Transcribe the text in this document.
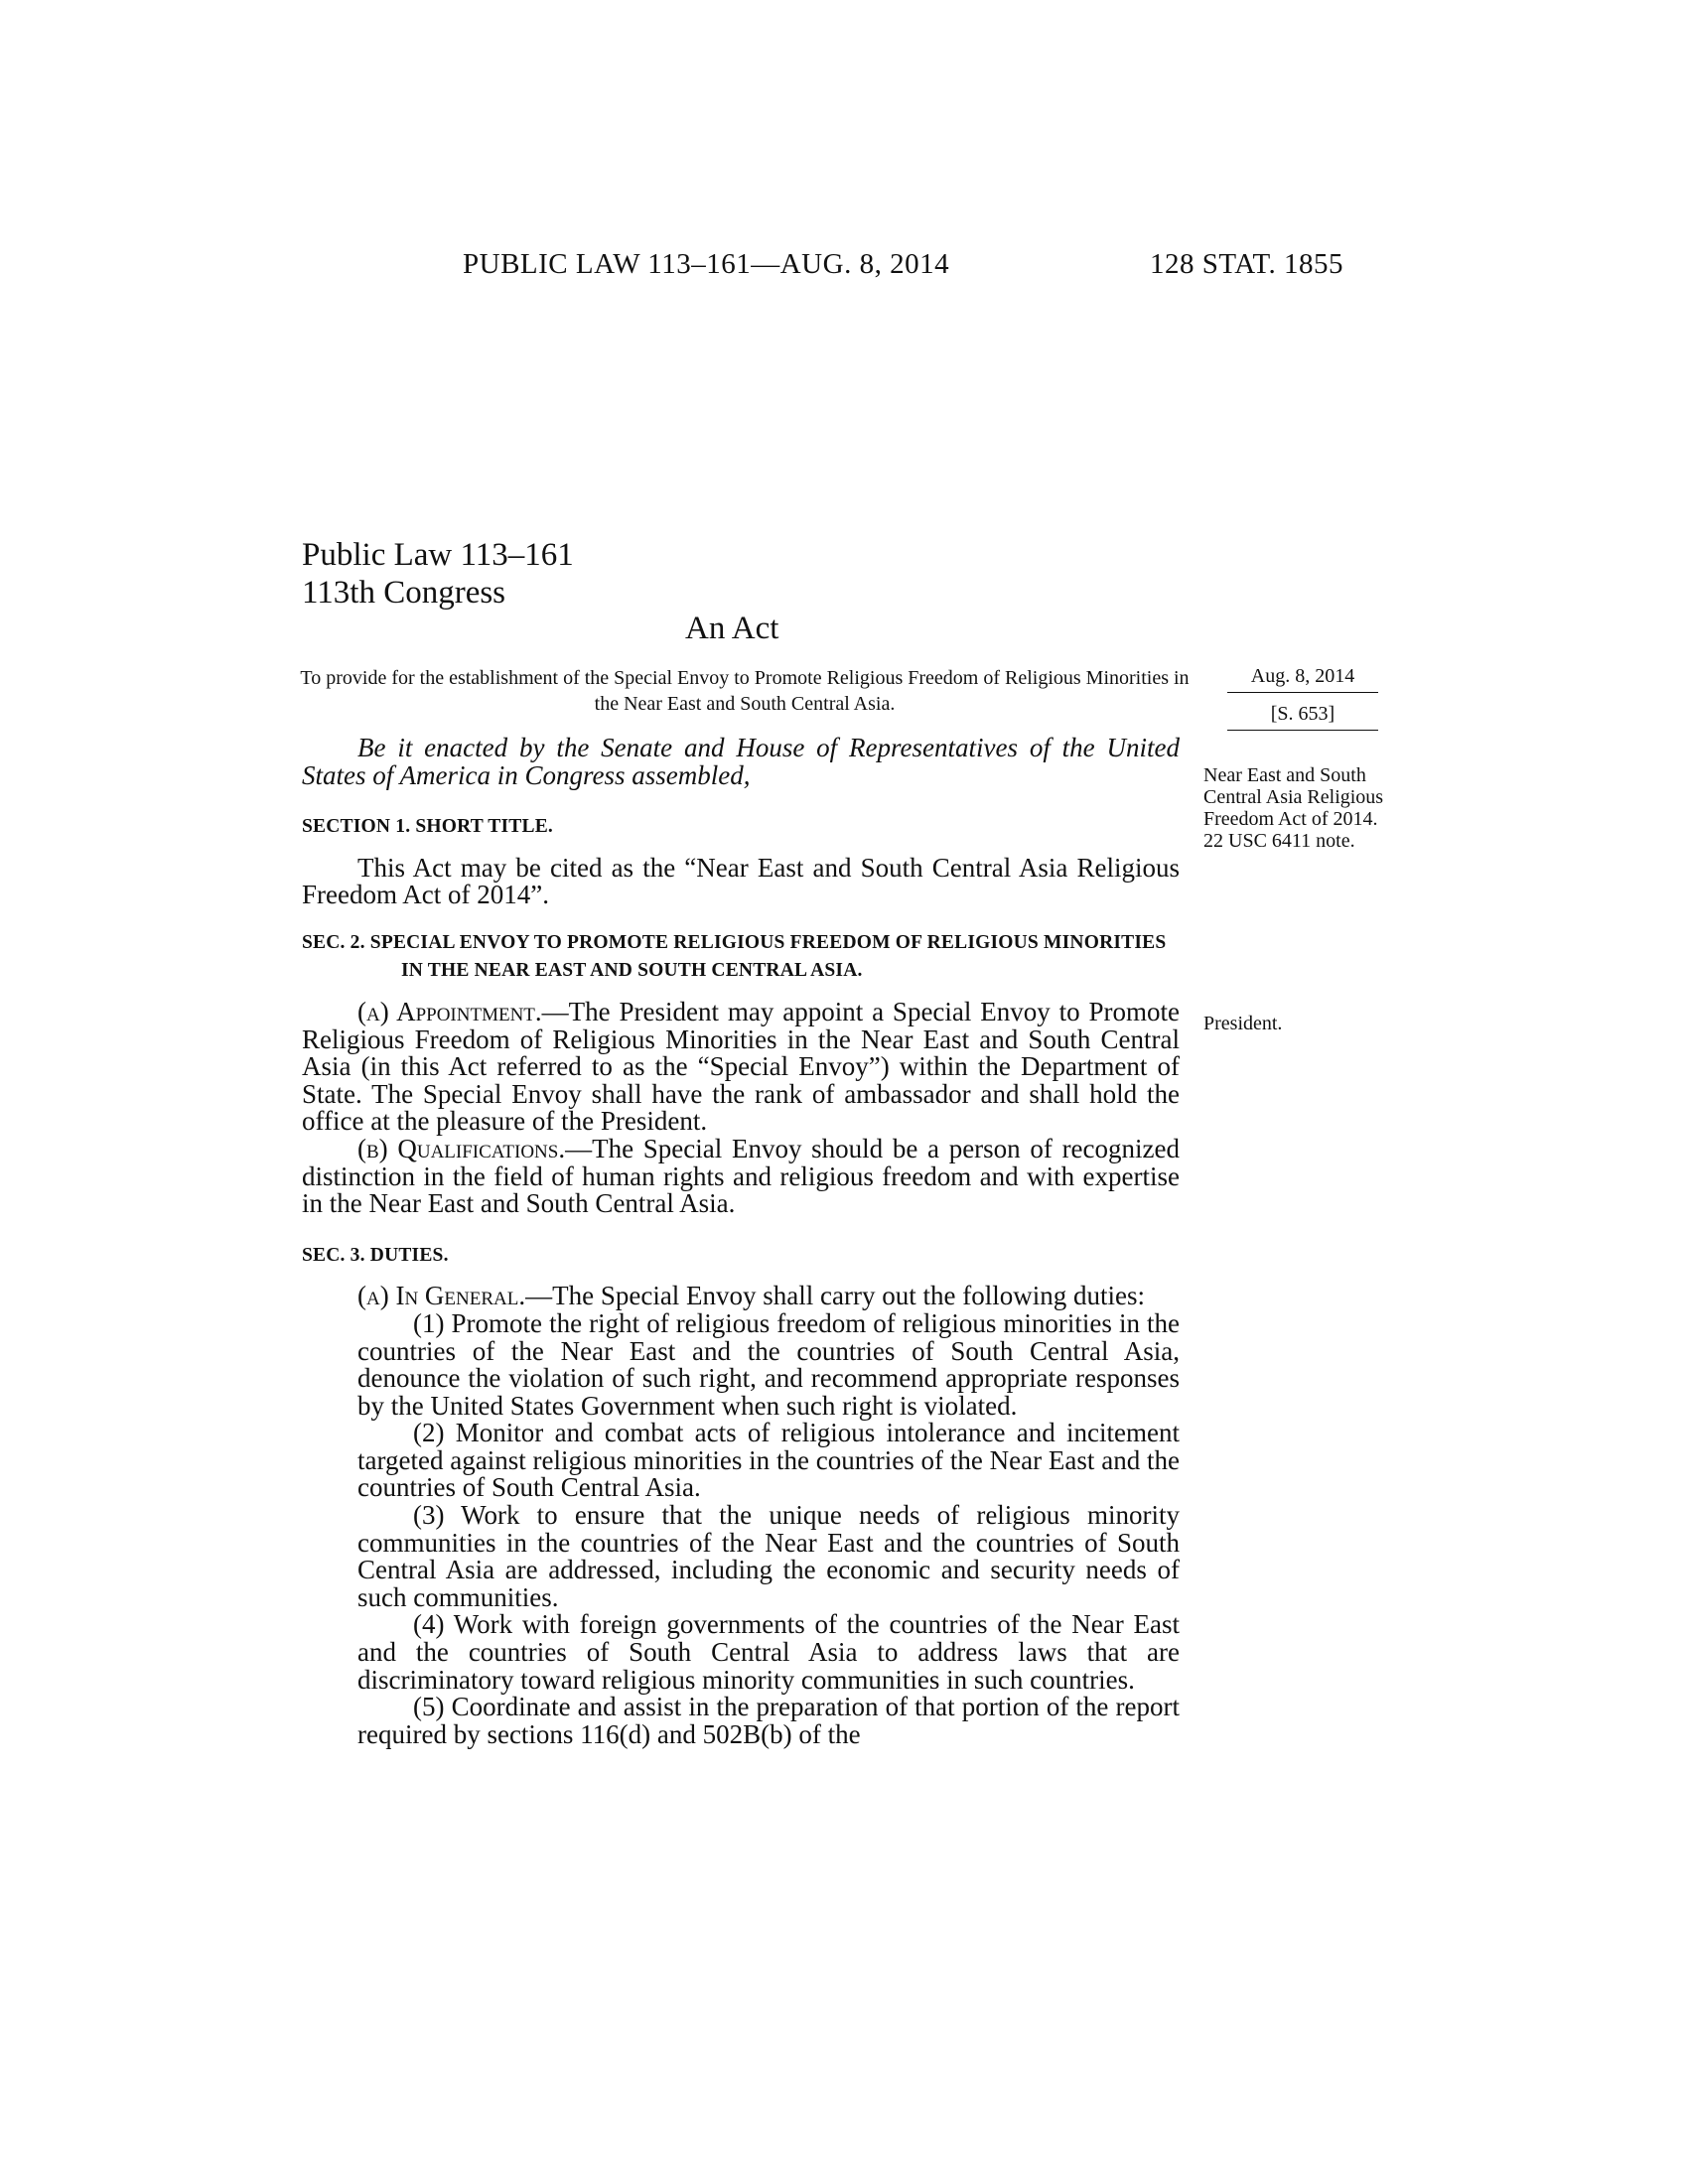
PUBLIC LAW 113–161—AUG. 8, 2014	128 STAT. 1855
Public Law 113–161
113th Congress
An Act
To provide for the establishment of the Special Envoy to Promote Religious Freedom of Religious Minorities in the Near East and South Central Asia.
Aug. 8, 2014
[S. 653]
Near East and South Central Asia Religious Freedom Act of 2014. 22 USC 6411 note.
President.

Be it enacted by the Senate and House of Representatives of the United States of America in Congress assembled,

SECTION 1. SHORT TITLE.

This Act may be cited as the “Near East and South Central Asia Religious Freedom Act of 2014”.

SEC. 2. SPECIAL ENVOY TO PROMOTE RELIGIOUS FREEDOM OF RELIGIOUS MINORITIES IN THE NEAR EAST AND SOUTH CENTRAL ASIA.

(a) Appointment.—The President may appoint a Special Envoy to Promote Religious Freedom of Religious Minorities in the Near East and South Central Asia (in this Act referred to as the “Special Envoy”) within the Department of State. The Special Envoy shall have the rank of ambassador and shall hold the office at the pleasure of the President.

(b) Qualifications.—The Special Envoy should be a person of recognized distinction in the field of human rights and religious freedom and with expertise in the Near East and South Central Asia.

SEC. 3. DUTIES.

(a) In General.—The Special Envoy shall carry out the following duties:

(1) Promote the right of religious freedom of religious minorities in the countries of the Near East and the countries of South Central Asia, denounce the violation of such right, and recommend appropriate responses by the United States Government when such right is violated.

(2) Monitor and combat acts of religious intolerance and incitement targeted against religious minorities in the countries of the Near East and the countries of South Central Asia.

(3) Work to ensure that the unique needs of religious minority communities in the countries of the Near East and the countries of South Central Asia are addressed, including the economic and security needs of such communities.

(4) Work with foreign governments of the countries of the Near East and the countries of South Central Asia to address laws that are discriminatory toward religious minority communities in such countries.

(5) Coordinate and assist in the preparation of that portion of the report required by sections 116(d) and 502B(b) of the
